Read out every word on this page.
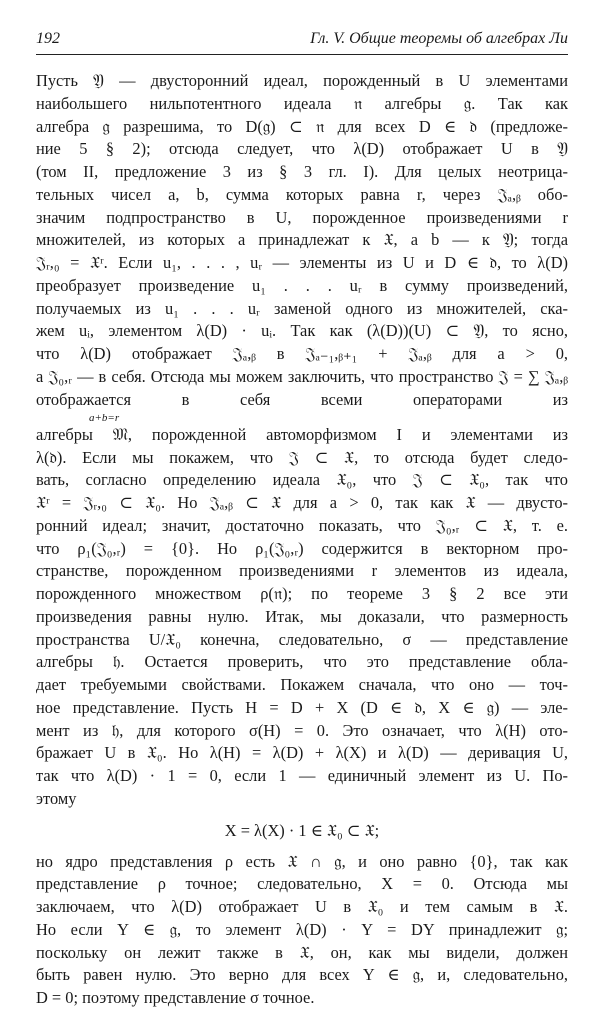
192	Гл. V. Общие теоремы об алгебрах Ли
Пусть 𝔜 — двусторонний идеал, порожденный в U элементами
наибольшего нильпотентного идеала 𝔫 алгебры 𝔤. Так как
алгебра 𝔤 разрешима, то D(𝔤) ⊂ 𝔫 для всех D ∈ 𝔡 (предложе-
ние 5 § 2); отсюда следует, что λ(D) отображает U в 𝔜
(том II, предложение 3 из § 3 гл. I). Для целых неотрица-
тельных чисел a, b, сумма которых равна r, через 𝔍ₐ,ᵦ обо-
значим подпространство в U, порожденное произведениями r
множителей, из которых a принадлежат к 𝔛, а b — к 𝔜; тогда
𝔍ᵣ,₀ = 𝔛ʳ. Если u₁, . . . , uᵣ — элементы из U и D ∈ 𝔡, то λ(D)
преобразует произведение u₁ . . . uᵣ в сумму произведений,
получаемых из u₁ . . . uᵣ заменой одного из множителей, ска-
жем uᵢ, элементом λ(D) · uᵢ. Так как (λ(D))(U) ⊂ 𝔜, то ясно,
что λ(D) отображает 𝔍ₐ,ᵦ в 𝔍ₐ₋₁,ᵦ₊₁ + 𝔍ₐ,ᵦ для a > 0,
а 𝔍₀,ᵣ — в себя. Отсюда мы можем заключить, что пространство 𝔍 = ∑ 𝔍ₐ,ᵦ отображается в себя всеми операторами из
a+b=r
алгебры 𝔐, порожденной автоморфизмом I и элементами из
λ(𝔡). Если мы покажем, что 𝔍 ⊂ 𝔛, то отсюда будет следо-
вать, согласно определению идеала 𝔛₀, что 𝔍 ⊂ 𝔛₀, так что
𝔛ʳ = 𝔍ᵣ,₀ ⊂ 𝔛₀. Но 𝔍ₐ,ᵦ ⊂ 𝔛 для a > 0, так как 𝔛 — двусто-
ронний идеал; значит, достаточно показать, что 𝔍₀,ᵣ ⊂ 𝔛, т. е.
что ρ₁(𝔍₀,ᵣ) = {0}. Но ρ₁(𝔍₀,ᵣ) содержится в векторном про-
странстве, порожденном произведениями r элементов из идеала,
порожденного множеством ρ(𝔫); по теореме 3 § 2 все эти
произведения равны нулю. Итак, мы доказали, что размерность
пространства U/𝔛₀ конечна, следовательно, σ — представление
алгебры 𝔥. Остается проверить, что это представление обла-
дает требуемыми свойствами. Покажем сначала, что оно — точ-
ное представление. Пусть H = D + X (D ∈ 𝔡, X ∈ 𝔤) — эле-
мент из 𝔥, для которого σ(H) = 0. Это означает, что λ(H) ото-
бражает U в 𝔛₀. Но λ(H) = λ(D) + λ(X) и λ(D) — деривация U,
так что λ(D) · 1 = 0, если 1 — единичный элемент из U. По-
этому
X = λ(X) · 1 ∈ 𝔛₀ ⊂ 𝔛;
но ядро представления ρ есть 𝔛 ∩ 𝔤, и оно равно {0}, так как
представление ρ точное; следовательно, X = 0. Отсюда мы
заключаем, что λ(D) отображает U в 𝔛₀ и тем самым в 𝔛.
Но если Y ∈ 𝔤, то элемент λ(D) · Y = DY принадлежит 𝔤;
поскольку он лежит также в 𝔛, он, как мы видели, должен
быть равен нулю. Это верно для всех Y ∈ 𝔤, и, следовательно,
D = 0; поэтому представление σ точное.
